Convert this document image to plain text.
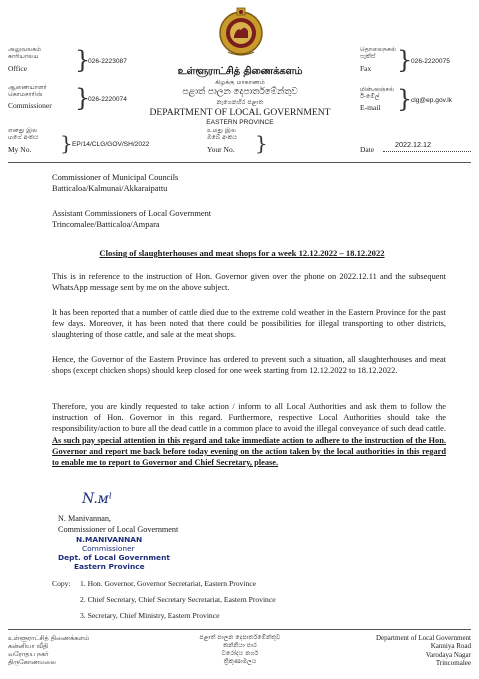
அலுவலகம்
காரியாலய
Office }
026-2223087
ஆணையாளர்
கொமசாரிஸ்
Commissioner }
026-2220074
எனது இல
மගේ අංකය
My No. } EP/14/CLG/GOV/SH/2022
உள்ளூராட்சித் திணைக்களம்
கிழக்கு மாகாணம்
පළාත් පාලන දෙපාර්තමේන්තුව
නැගෙනහිර පළාත
DEPARTMENT OF LOCAL GOVERNMENT
EASTERN PROVINCE
உமது இல
ඔබේ අංකය
Your No. }	Date
2022.12.12
தொலைநகல்
ෆැක්ස්
Fax }
026-2220075
மின்அஞ்சல்
ඊ-මේල්
E-mail }
clg@ep.gov.lk
Commissioner of Municipal Councils
Batticaloa/Kalmunai/Akkaraipattu
Assistant Commissioners of Local Government
Trincomalee/Batticaloa/Ampara
Closing of slaughterhouses and meat shops for a week 12.12.2022 – 18.12.2022
This is in reference to the instruction of Hon. Governor given over the phone on 2022.12.11 and the subsequent WhatsApp message sent by me on the above subject.
It has been reported that a number of cattle died due to the extreme cold weather in the Eastern Province for the past few days. Moreover, it has been noted that there could be possibilities for illegal transporting to other districts, slaughtering of those cattle, and sale at the meat shops.
Hence, the Governor of the Eastern Province has ordered to prevent such a situation, all slaughterhouses and meat shops (except chicken shops) should keep closed for one week starting from 12.12.2022 to 18.12.2022.
Therefore, you are kindly requested to take action / inform to all Local Authorities and ask them to follow the instruction of Hon. Governor in this regard. Furthermore, respective Local Authorities should take the responsibility/action to bure all the dead cattle in a common place to avoid the illegal conveyance of such dead cattle. As such pay special attention in this regard and take immediate action to adhere to the instruction of the Hon. Governor and report me back before today evening on the action taken by the local authorities in this regard to enable me to report to Governor and Chief Secretary, please.
N.ᴍˡ
N. Manivannan,
Commissioner of Local Government
N.MANIVANNAN
Commissioner
Dept. of Local Government
Eastern Province
Copy: 1. Hon. Governor, Governor Secretariat, Eastern Province
2. Chief Secretary, Chief Secretary Secretariat, Eastern Province
3. Secretary, Chief Ministry, Eastern Province
உள்ளூராட்சித் திணைக்களம்
கன்னியா வீதி
வரோதய நகர்
திருகோணமலை
පළාත් පාලන දෙපාර්තමේන්තුව
කන්නියා පාර
වරෝදය නගර්
ත්‍රිකුණාමලය
Department of Local Government
Kanniya Road
Varodaya Nagar
Trincomalee
